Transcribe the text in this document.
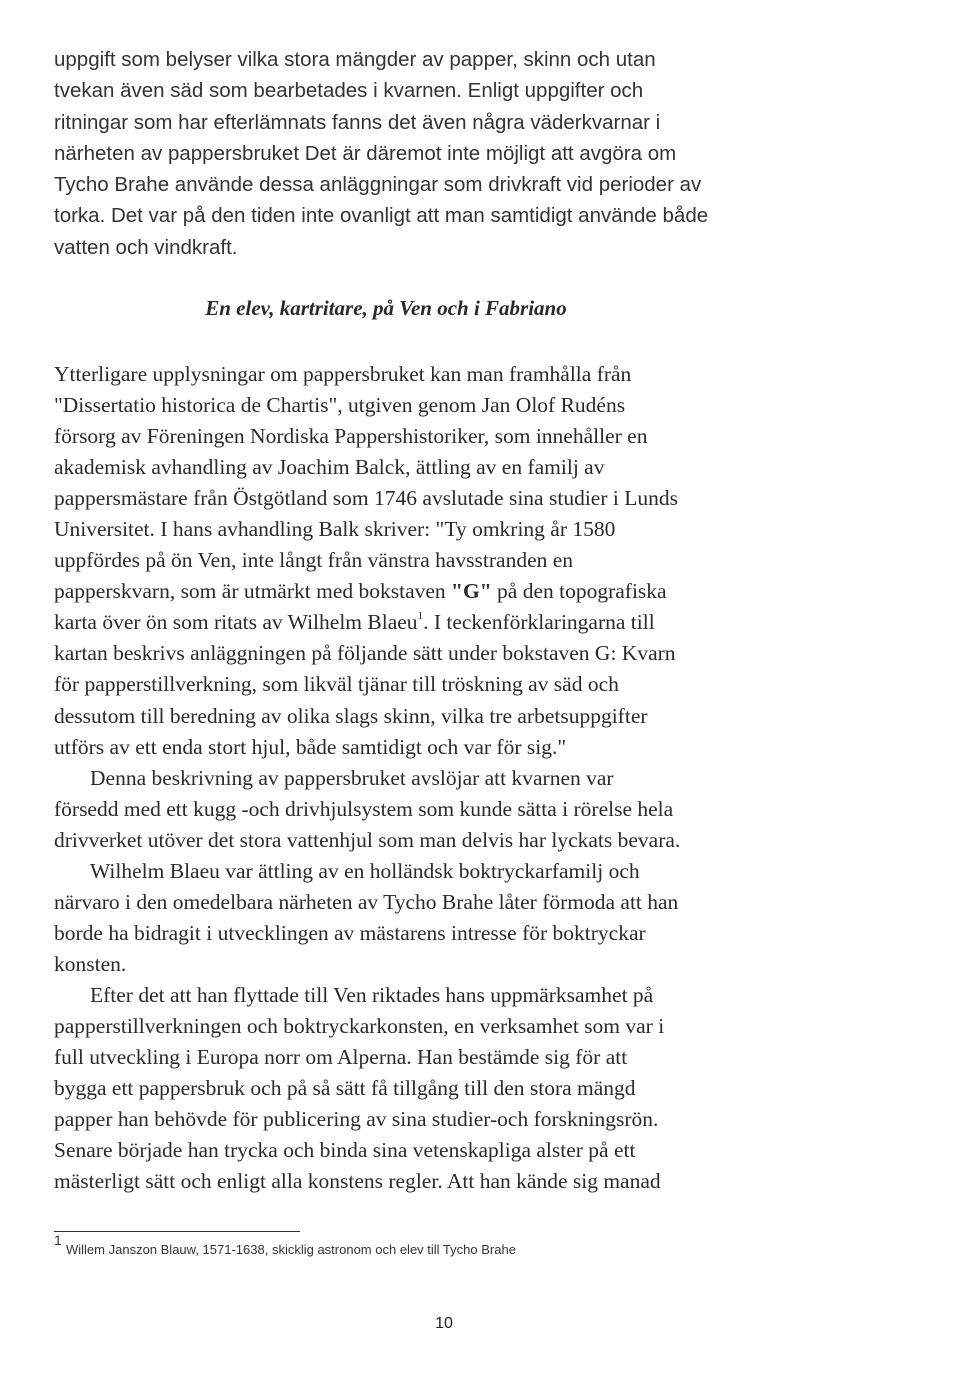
uppgift som belyser vilka stora mängder av papper, skinn och utan
tvekan även säd som bearbetades i kvarnen. Enligt uppgifter och
ritningar som har efterlämnats fanns det även några väderkvarnar i
närheten av pappersbruket Det är däremot inte möjligt att avgöra om
Tycho Brahe använde dessa anläggningar som drivkraft vid perioder av
torka. Det var på den tiden inte ovanligt att man samtidigt använde både
vatten och vindkraft.
En elev, kartritare, på Ven och i Fabriano
Ytterligare upplysningar om pappersbruket kan man framhålla från
"Dissertatio historica de Chartis", utgiven genom Jan Olof Rudéns
försorg av Föreningen Nordiska Pappershistoriker, som innehåller en
akademisk avhandling av Joachim Balck, ättling av en familj av
pappersmästare från Östgötland som 1746 avslutade sina studier i Lunds
Universitet. I hans avhandling Balk skriver: "Ty omkring år 1580
uppfördes på ön Ven, inte långt från vänstra havsstranden en
papperskvarn, som är utmärkt med bokstaven "G" på den topografiska
karta över ön som ritats av Wilhelm Blaeu$^1$. I teckenförklaringarna till
kartan beskrivs anläggningen på följande sätt under bokstaven G: Kvarn
för papperstillverkning, som likväl tjänar till tröskning av säd och
dessutom till beredning av olika slags skinn, vilka tre arbetsuppgifter
utförs av ett enda stort hjul, både samtidigt och var för sig."
Denna beskrivning av pappersbruket avslöjar att kvarnen var
försedd med ett kugg -och drivhjulsystem som kunde sätta i rörelse hela
drivverket utöver det stora vattenhjul som man delvis har lyckats bevara.
Wilhelm Blaeu var ättling av en holländsk boktryckarfamilj och
närvaro i den omedelbara närheten av Tycho Brahe låter förmoda att han
borde ha bidragit i utvecklingen av mästarens intresse för boktryckar
konsten.
Efter det att han flyttade till Ven riktades hans uppmärksamhet på
papperstillverkningen och boktryckarkonsten, en verksamhet som var i
full utveckling i Europa norr om Alperna. Han bestämde sig för att
bygga ett pappersbruk och på så sätt få tillgång till den stora mängd
papper han behövde för publicering av sina studier-och forskningsrön.
Senare började han trycka och binda sina vetenskapliga alster på ett
mästerligt sätt och enligt alla konstens regler. Att han kände sig manad
1
Willem Janszon Blauw, 1571-1638, skicklig astronom och elev till Tycho Brahe
10
